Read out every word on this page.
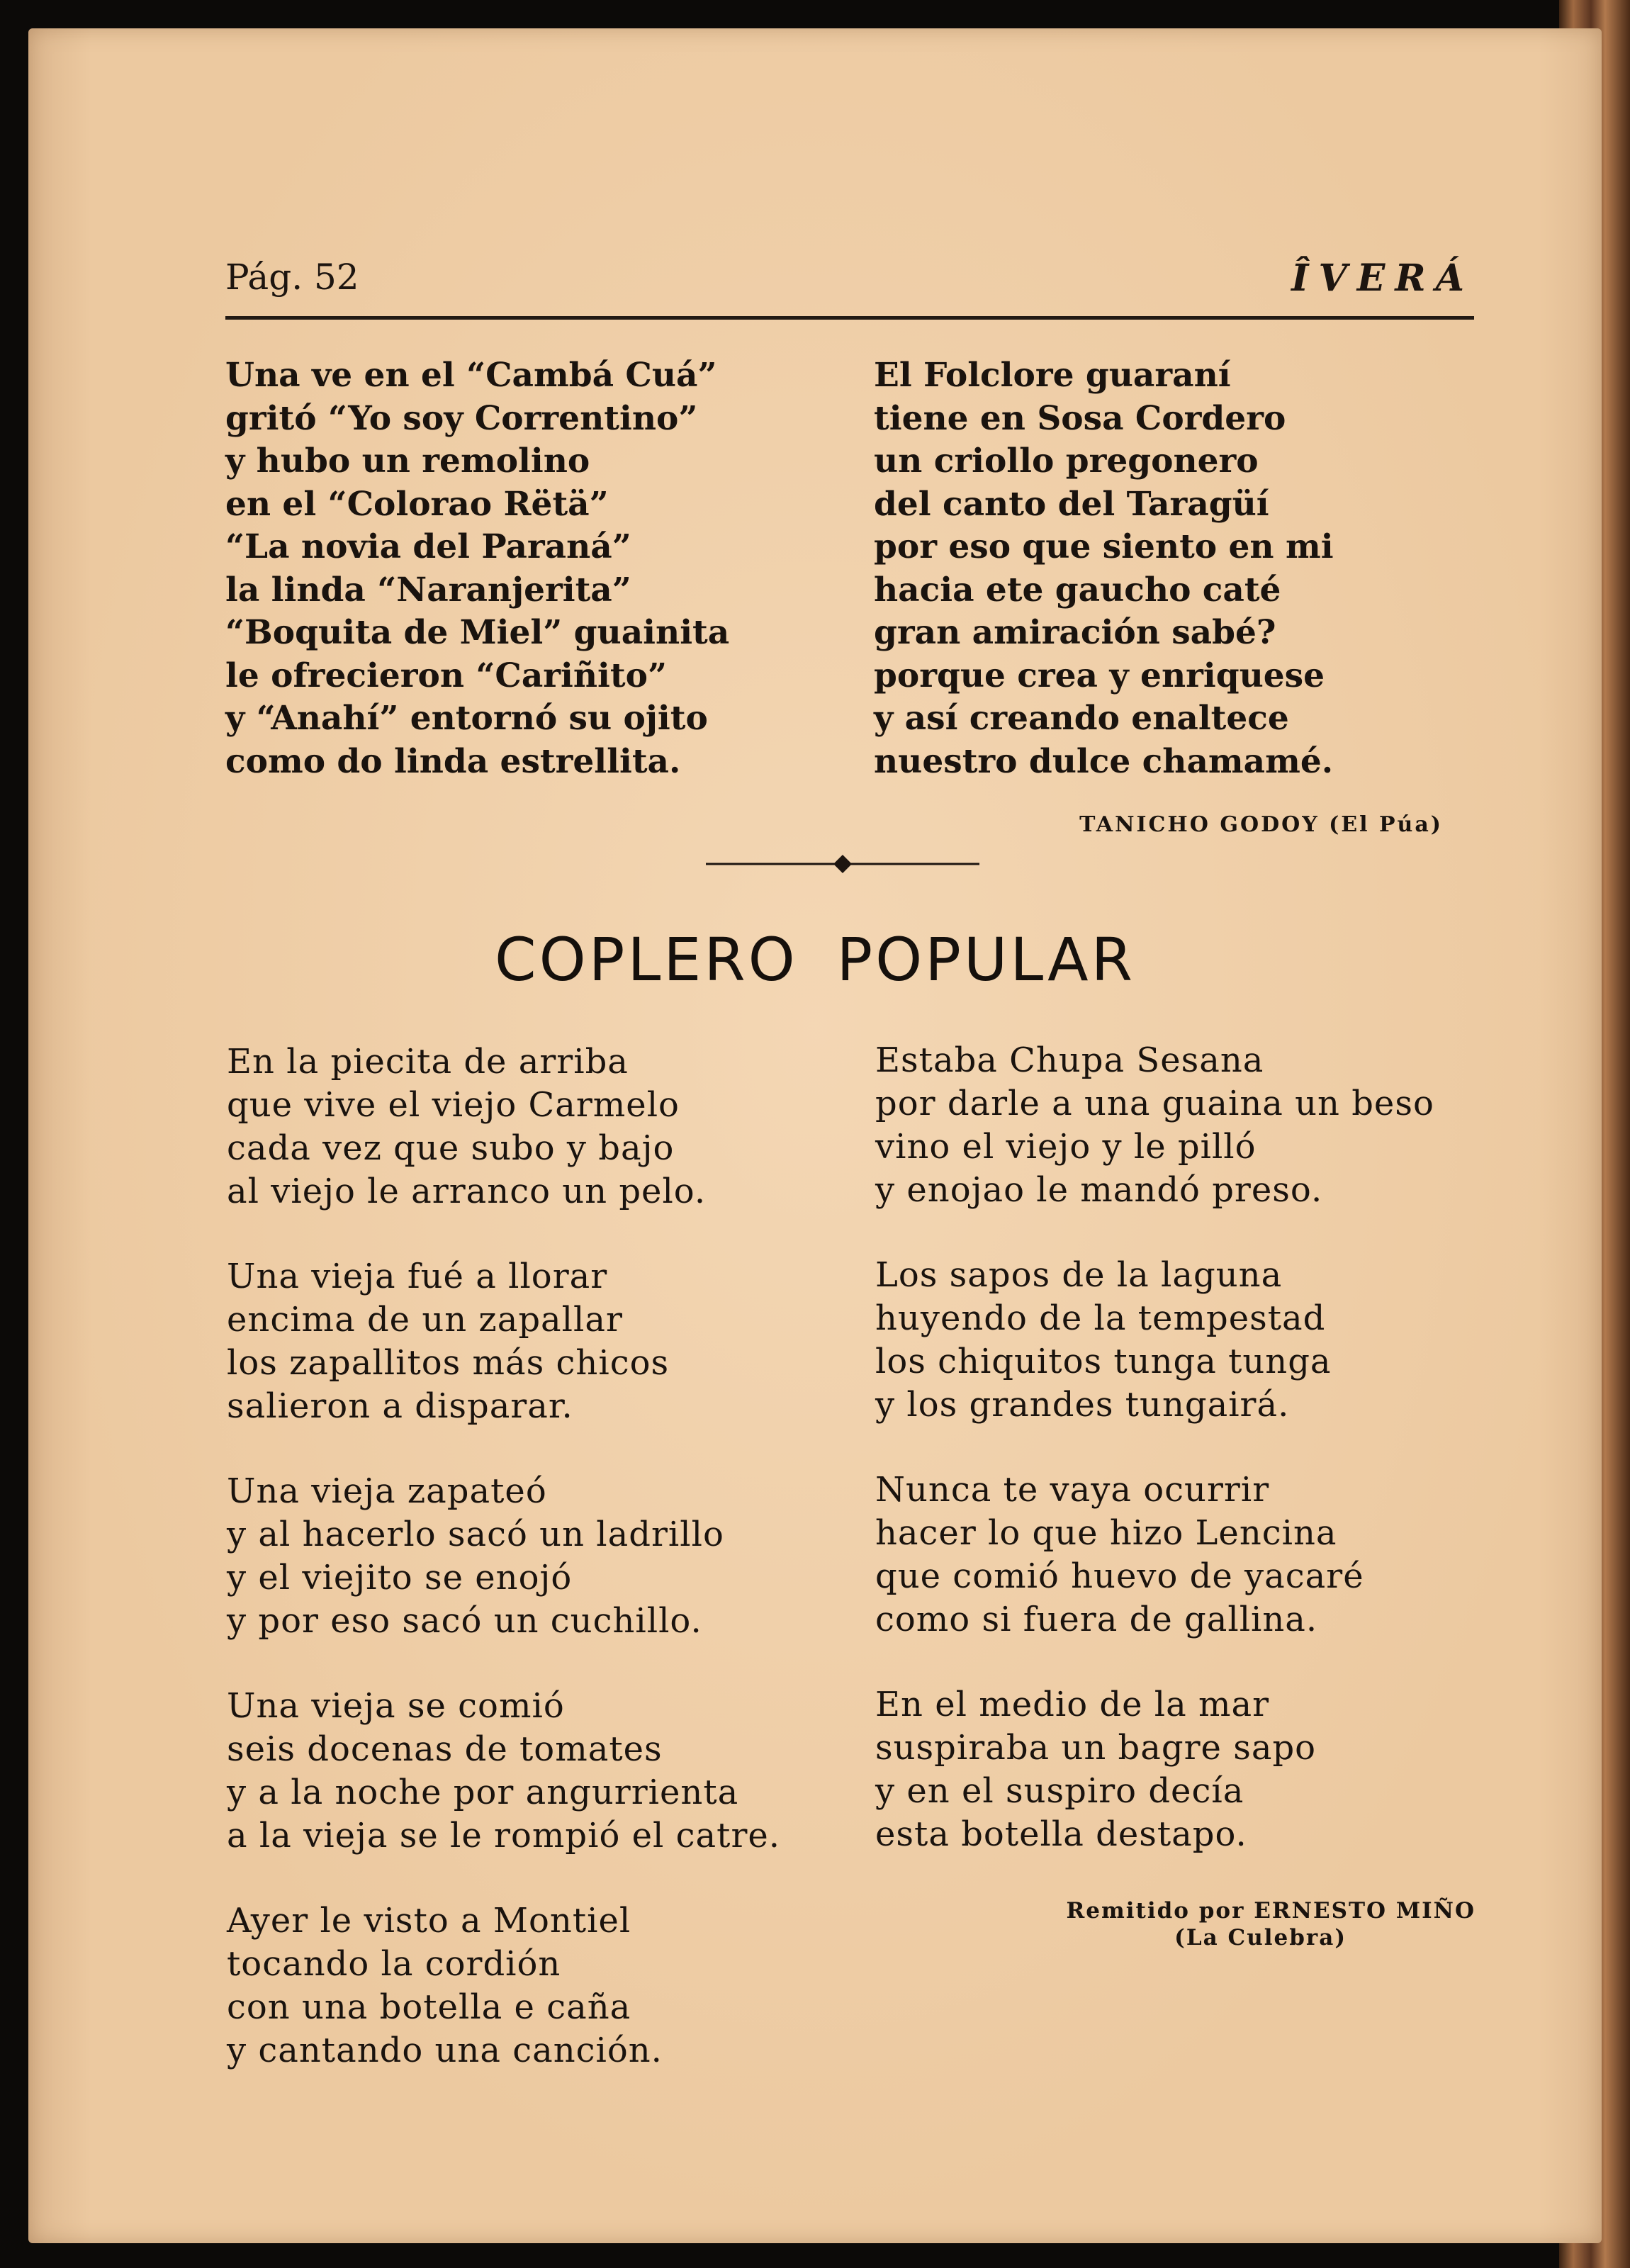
Pág. 52	ÎVERÁ
Una ve en el “Cambá Cuá”
gritó “Yo soy Correntino”
y hubo un remolino
en el “Colorao Rëtä”
“La novia del Paraná”
la linda “Naranjerita”
“Boquita de Miel” guainita
le ofrecieron “Cariñito”
y “Anahí” entornó su ojito
como do linda estrellita.
El Folclore guaraní
tiene en Sosa Cordero
un criollo pregonero
del canto del Taragüí
por eso que siento en mi
hacia ete gaucho caté
gran amiración sabé?
porque crea y enriquese
y así creando enaltece
nuestro dulce chamamé.
TANICHO GODOY (El Púa)
COPLERO POPULAR
En la piecita de arriba
que vive el viejo Carmelo
cada vez que subo y bajo
al viejo le arranco un pelo.
Una vieja fué a llorar
encima de un zapallar
los zapallitos más chicos
salieron a disparar.
Una vieja zapateó
y al hacerlo sacó un ladrillo
y el viejito se enojó
y por eso sacó un cuchillo.
Una vieja se comió
seis docenas de tomates
y a la noche por angurrienta
a la vieja se le rompió el catre.
Ayer le visto a Montiel
tocando la cordión
con una botella e caña
y cantando una canción.
Estaba Chupa Sesana
por darle a una guaina un beso
vino el viejo y le pilló
y enojao le mandó preso.
Los sapos de la laguna
huyendo de la tempestad
los chiquitos tunga tunga
y los grandes tungairá.
Nunca te vaya ocurrir
hacer lo que hizo Lencina
que comió huevo de yacaré
como si fuera de gallina.
En el medio de la mar
suspiraba un bagre sapo
y en el suspiro decía
esta botella destapo.
Remitido por ERNESTO MIÑO
(La Culebra)
